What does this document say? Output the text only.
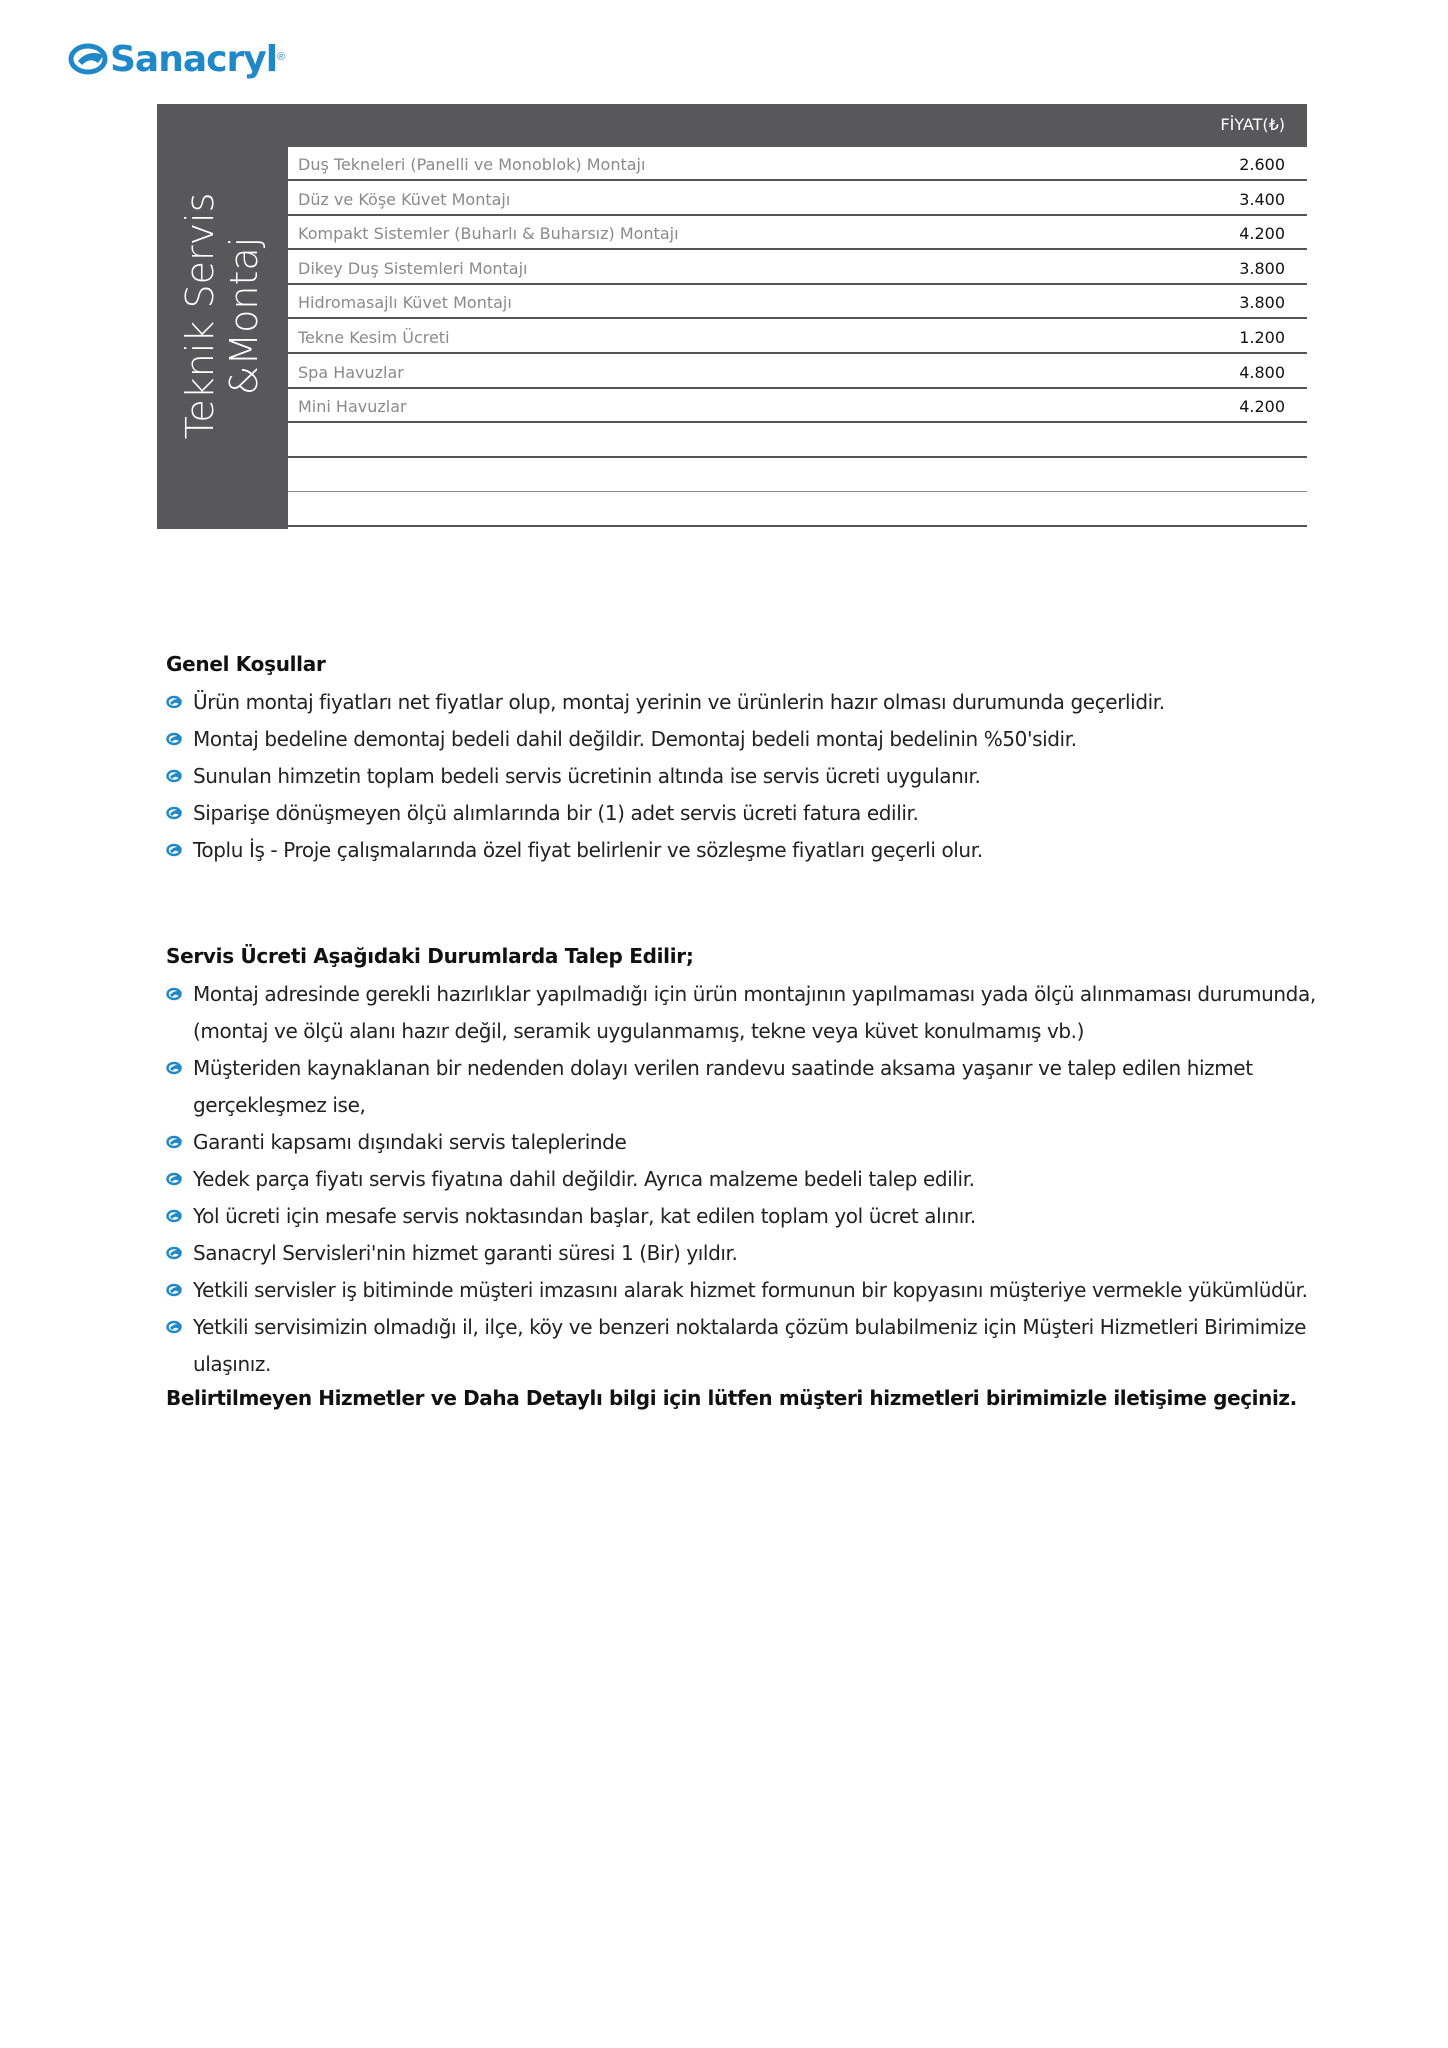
Sanacryl ®
Teknik Servis &Montaj
FİYAT(₺)
Duş Tekneleri (Panelli ve Monoblok) Montajı	2.600
Düz ve Köşe Küvet Montajı	3.400
Kompakt Sistemler (Buharlı & Buharsız) Montajı	4.200
Dikey Duş Sistemleri Montajı	3.800
Hidromasajlı Küvet Montajı	3.800
Tekne Kesim Ücreti	1.200
Spa Havuzlar	4.800
Mini Havuzlar	4.200
Genel Koşullar
Ürün montaj fiyatları net fiyatlar olup, montaj yerinin ve ürünlerin hazır olması durumunda geçerlidir.
Montaj bedeline demontaj bedeli dahil değildir. Demontaj bedeli montaj bedelinin %50'sidir.
Sunulan himzetin toplam bedeli servis ücretinin altında ise servis ücreti uygulanır.
Siparişe dönüşmeyen ölçü alımlarında bir (1) adet servis ücreti fatura edilir.
Toplu İş - Proje çalışmalarında özel fiyat belirlenir ve sözleşme fiyatları geçerli olur.
Servis Ücreti Aşağıdaki Durumlarda Talep Edilir;
Montaj adresinde gerekli hazırlıklar yapılmadığı için ürün montajının yapılmaması yada ölçü alınmaması durumunda, (montaj ve ölçü alanı hazır değil, seramik uygulanmamış, tekne veya küvet konulmamış vb.)
Müşteriden kaynaklanan bir nedenden dolayı verilen randevu saatinde aksama yaşanır ve talep edilen hizmet gerçekleşmez ise,
Garanti kapsamı dışındaki servis taleplerinde
Yedek parça fiyatı servis fiyatına dahil değildir. Ayrıca malzeme bedeli talep edilir.
Yol ücreti için mesafe servis noktasından başlar, kat edilen toplam yol ücret alınır.
Sanacryl Servisleri'nin hizmet garanti süresi 1 (Bir) yıldır.
Yetkili servisler iş bitiminde müşteri imzasını alarak hizmet formunun bir kopyasını müşteriye vermekle yükümlüdür.
Yetkili servisimizin olmadığı il, ilçe, köy ve benzeri noktalarda çözüm bulabilmeniz için Müşteri Hizmetleri Birimimize ulaşınız.
Belirtilmeyen Hizmetler ve Daha Detaylı bilgi için lütfen müşteri hizmetleri birimimizle iletişime geçiniz.
